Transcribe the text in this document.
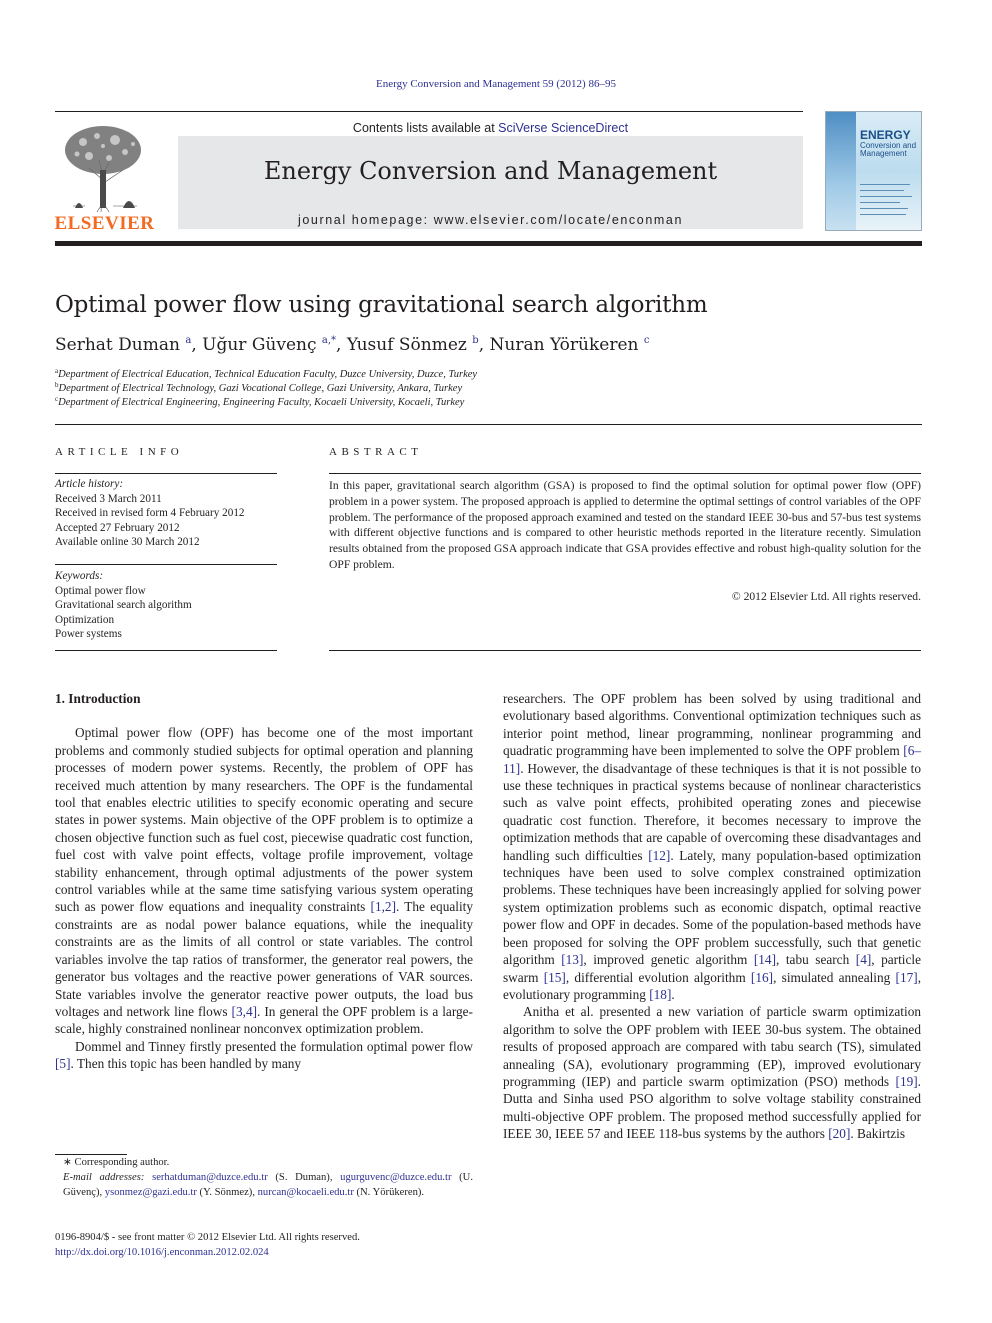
Energy Conversion and Management 59 (2012) 86–95
ELSEVIER
Contents lists available at SciVerse ScienceDirect
Energy Conversion and Management
journal homepage: www.elsevier.com/locate/enconman
ENERGY
Conversion and Management
Optimal power flow using gravitational search algorithm
Serhat Duman $^a$, Uğur Güvenç $^{a,*}$, Yusuf Sönmez $^b$, Nuran Yörükeren $^c$
$^a$Department of Electrical Education, Technical Education Faculty, Duzce University, Duzce, Turkey
$^b$Department of Electrical Technology, Gazi Vocational College, Gazi University, Ankara, Turkey
$^c$Department of Electrical Engineering, Engineering Faculty, Kocaeli University, Kocaeli, Turkey
ARTICLE INFO
Article history:
Received 3 March 2011
Received in revised form 4 February 2012
Accepted 27 February 2012
Available online 30 March 2012
Keywords:
Optimal power flow
Gravitational search algorithm
Optimization
Power systems
ABSTRACT
In this paper, gravitational search algorithm (GSA) is proposed to find the optimal solution for optimal power flow (OPF) problem in a power system. The proposed approach is applied to determine the optimal settings of control variables of the OPF problem. The performance of the proposed approach examined and tested on the standard IEEE 30-bus and 57-bus test systems with different objective functions and is compared to other heuristic methods reported in the literature recently. Simulation results obtained from the proposed GSA approach indicate that GSA provides effective and robust high-quality solution for the OPF problem.
© 2012 Elsevier Ltd. All rights reserved.
1. Introduction

Optimal power flow (OPF) has become one of the most important problems and commonly studied subjects for optimal operation and planning processes of modern power systems. Recently, the problem of OPF has received much attention by many researchers. The OPF is the fundamental tool that enables electric utilities to specify economic operating and secure states in power systems. Main objective of the OPF problem is to optimize a chosen objective function such as fuel cost, piecewise quadratic cost function, fuel cost with valve point effects, voltage profile improvement, voltage stability enhancement, through optimal adjustments of the power system control variables while at the same time satisfying various system operating such as power flow equations and inequality constraints [1,2]. The equality constraints are as nodal power balance equations, while the inequality constraints are as the limits of all control or state variables. The control variables involve the tap ratios of transformer, the generator real powers, the generator bus voltages and the reactive power generations of VAR sources. State variables involve the generator reactive power outputs, the load bus voltages and network line flows [3,4]. In general the OPF problem is a large-scale, highly constrained nonlinear nonconvex optimization problem.

Dommel and Tinney firstly presented the formulation optimal power flow [5]. Then this topic has been handled by many

researchers. The OPF problem has been solved by using traditional and evolutionary based algorithms. Conventional optimization techniques such as interior point method, linear programming, nonlinear programming and quadratic programming have been implemented to solve the OPF problem [6–11]. However, the disadvantage of these techniques is that it is not possible to use these techniques in practical systems because of nonlinear characteristics such as valve point effects, prohibited operating zones and piecewise quadratic cost function. Therefore, it becomes necessary to improve the optimization methods that are capable of overcoming these disadvantages and handling such difficulties [12]. Lately, many population-based optimization techniques have been used to solve complex constrained optimization problems. These techniques have been increasingly applied for solving power system optimization problems such as economic dispatch, optimal reactive power flow and OPF in decades. Some of the population-based methods have been proposed for solving the OPF problem successfully, such that genetic algorithm [13], improved genetic algorithm [14], tabu search [4], particle swarm [15], differential evolution algorithm [16], simulated annealing [17], evolutionary programming [18].

Anitha et al. presented a new variation of particle swarm optimization algorithm to solve the OPF problem with IEEE 30-bus system. The obtained results of proposed approach are compared with tabu search (TS), simulated annealing (SA), evolutionary programming (EP), improved evolutionary programming (IEP) and particle swarm optimization (PSO) methods [19]. Dutta and Sinha used PSO algorithm to solve voltage stability constrained multi-objective OPF problem. The proposed method successfully applied for IEEE 30, IEEE 57 and IEEE 118-bus systems by the authors [20]. Bakirtzis

∗ Corresponding author.
E-mail addresses: serhatduman@duzce.edu.tr (S. Duman), ugurguvenc@duzce.edu.tr (U. Güvenç), ysonmez@gazi.edu.tr (Y. Sönmez), nurcan@kocaeli.edu.tr (N. Yörükeren).
0196-8904/$ - see front matter © 2012 Elsevier Ltd. All rights reserved.
http://dx.doi.org/10.1016/j.enconman.2012.02.024
